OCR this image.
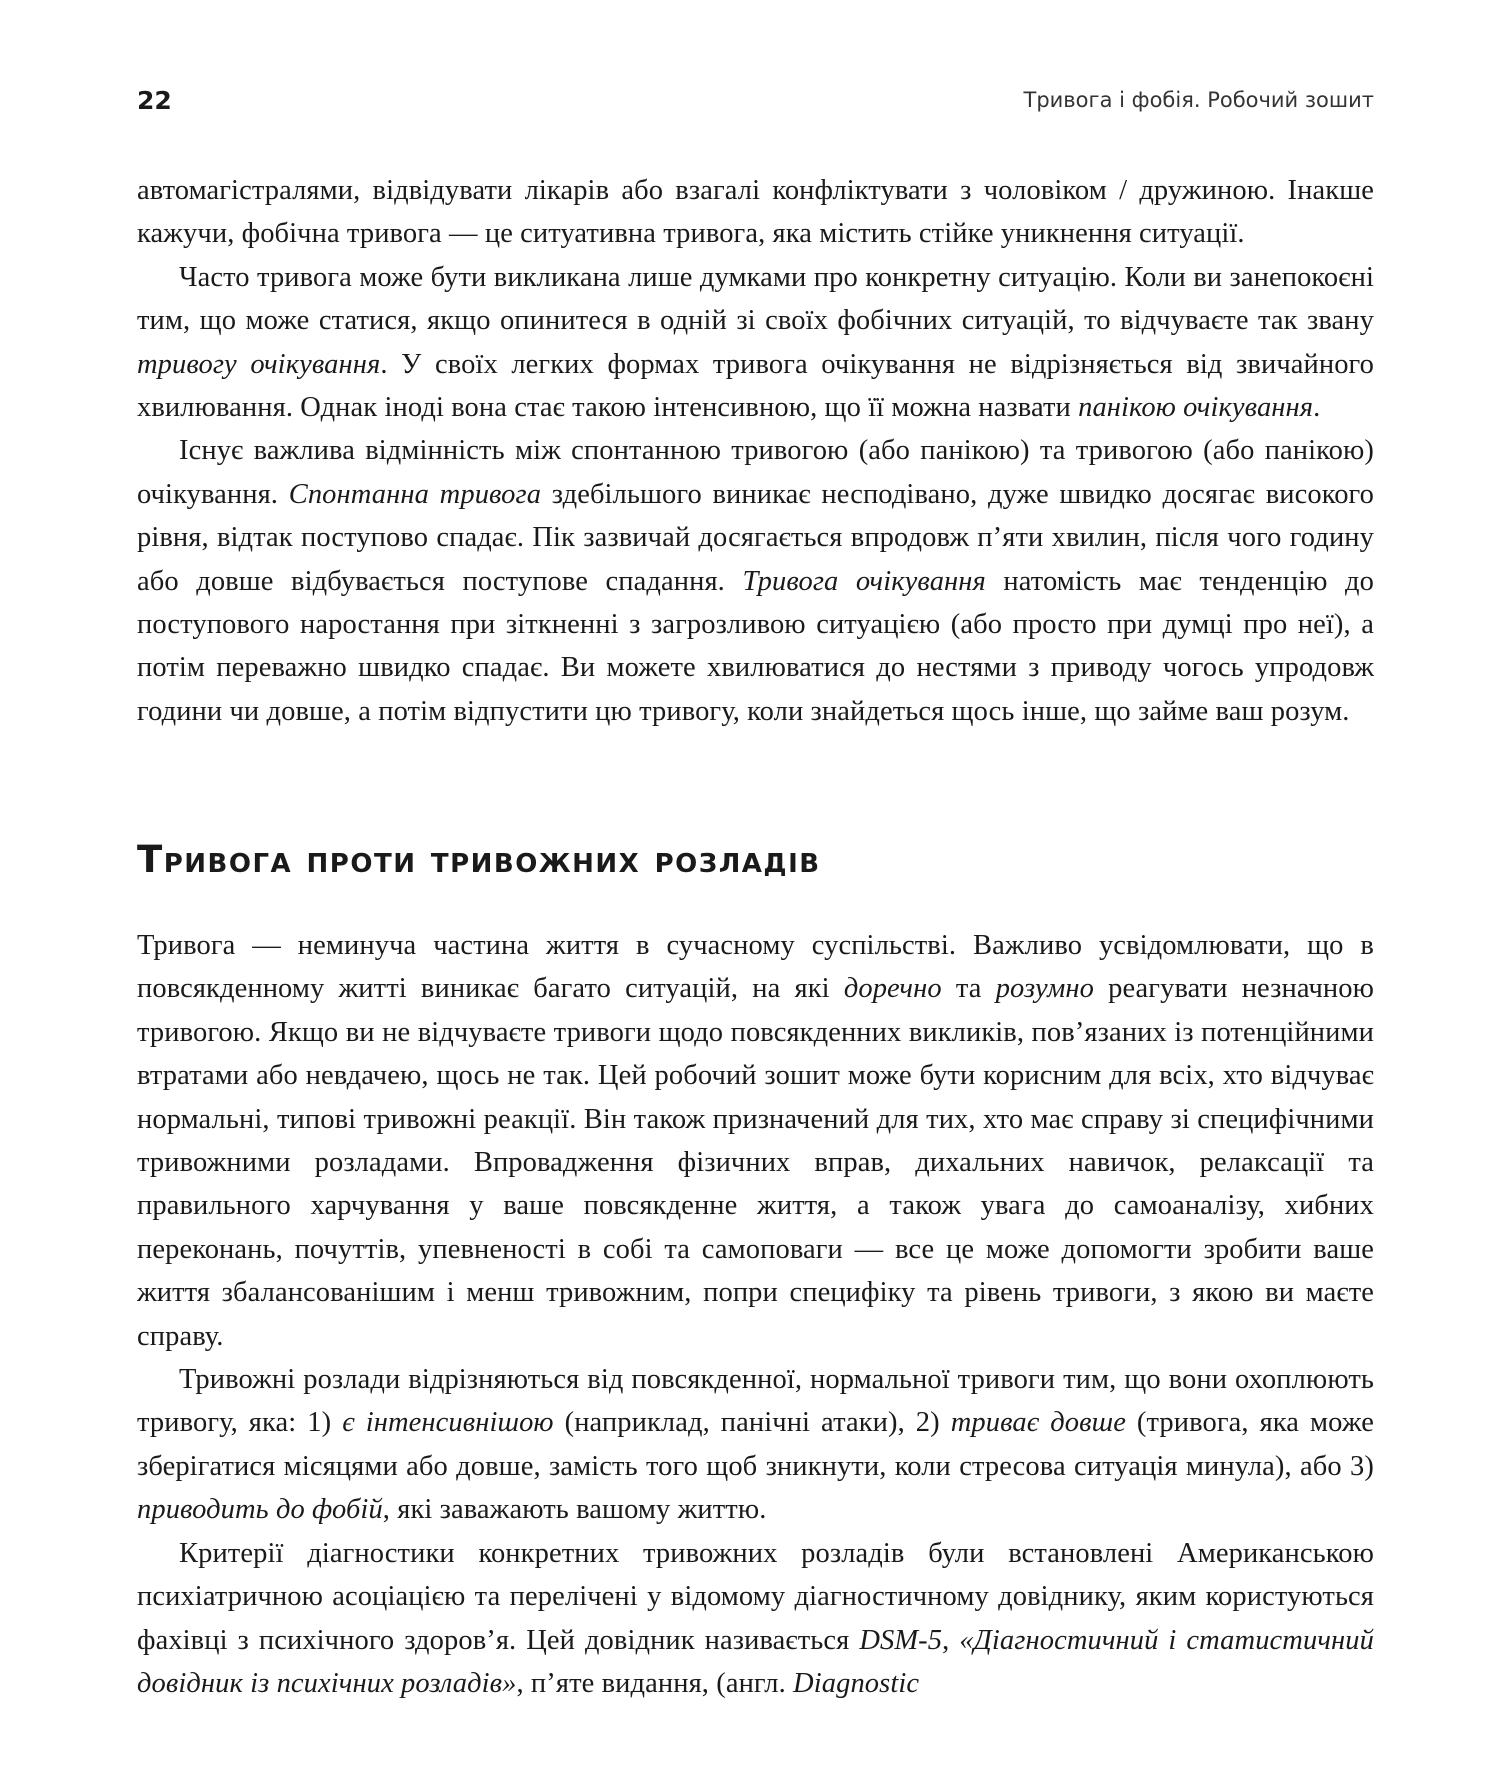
22	Тривога і фобія. Робочий зошит

автомагістралями, відвідувати лікарів або взагалі конфліктувати з чоловіком / дружиною. Інакше кажучи, фобічна тривога — це ситуативна тривога, яка містить стійке уникнення ситуації.

Часто тривога може бути викликана лише думками про конкретну ситуацію. Коли ви занепокоєні тим, що може статися, якщо опинитеся в одній зі своїх фобічних ситуацій, то відчуваєте так звану тривогу очікування. У своїх легких формах тривога очікування не відрізняється від звичайного хвилювання. Однак іноді вона стає такою інтенсивною, що її можна назвати панікою очікування.

Існує важлива відмінність між спонтанною тривогою (або панікою) та тривогою (або панікою) очікування. Спонтанна тривога здебільшого виникає несподівано, дуже швидко досягає високого рівня, відтак поступово спадає. Пік зазвичай досягається впродовж п’яти хвилин, після чого годину або довше відбувається поступове спадання. Тривога очікування натомість має тенденцію до поступового наростання при зіткненні з загрозливою ситуацією (або просто при думці про неї), а потім переважно швидко спадає. Ви можете хвилюватися до нестями з приводу чогось упродовж години чи довше, а потім відпустити цю тривогу, коли знайдеться щось інше, що займе ваш розум.

Тривога проти тривожних розладів

Тривога — неминуча частина життя в сучасному суспільстві. Важливо усвідомлювати, що в повсякденному житті виникає багато ситуацій, на які доречно та розумно реагувати незначною тривогою. Якщо ви не відчуваєте тривоги щодо повсякденних викликів, пов’язаних із потенційними втратами або невдачею, щось не так. Цей робочий зошит може бути корисним для всіх, хто відчуває нормальні, типові тривожні реакції. Він також призначений для тих, хто має справу зі специфічними тривожними розладами. Впровадження фізичних вправ, дихальних навичок, релаксації та правильного харчування у ваше повсякденне життя, а також увага до самоаналізу, хибних переконань, почуттів, упевненості в собі та самоповаги — все це може допомогти зробити ваше життя збалансованішим і менш тривожним, попри специфіку та рівень тривоги, з якою ви маєте справу.

Тривожні розлади відрізняються від повсякденної, нормальної тривоги тим, що вони охоплюють тривогу, яка: 1) є інтенсивнішою (наприклад, панічні атаки), 2) триває довше (тривога, яка може зберігатися місяцями або довше, замість того щоб зникнути, коли стресова ситуація минула), або 3) приводить до фобій, які заважають вашому життю.

Критерії діагностики конкретних тривожних розладів були встановлені Американською психіатричною асоціацією та перелічені у відомому діагностичному довіднику, яким користуються фахівці з психічного здоров’я. Цей довідник називається DSM-5, «Діагностичний і статистичний довідник із психічних розладів», п’яте видання, (англ. Diagnostic
